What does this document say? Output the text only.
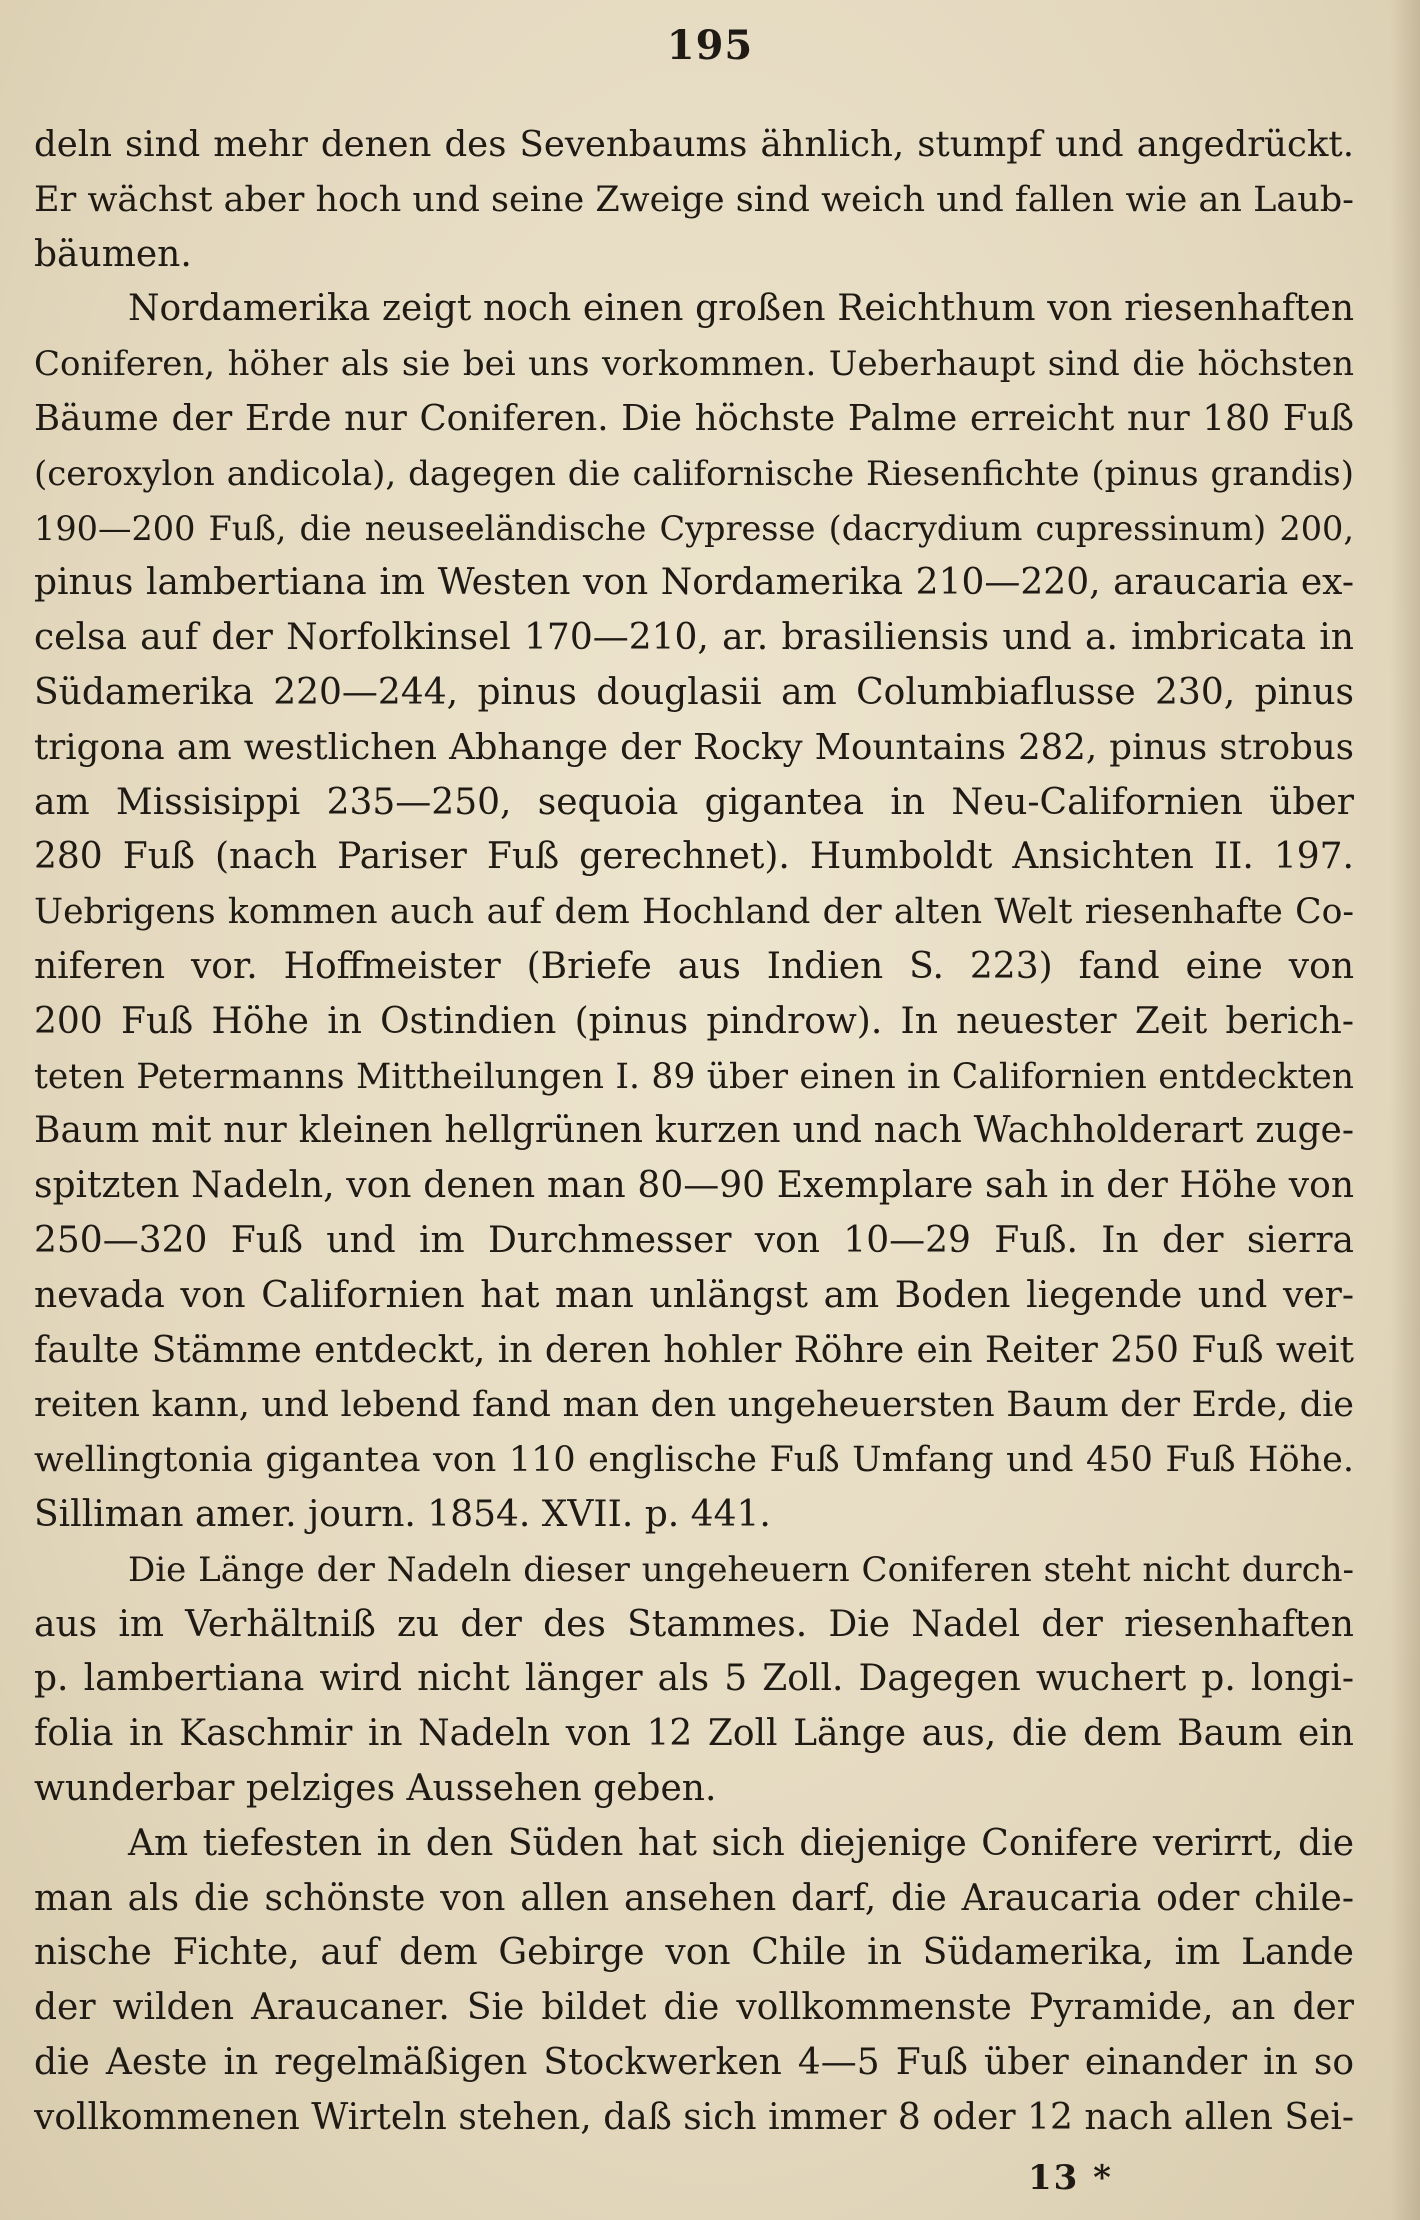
195
deln sind mehr denen des Sevenbaums ähnlich, stumpf und angedrückt.
Er wächst aber hoch und seine Zweige sind weich und fallen wie an Laub-
bäumen.
Nordamerika zeigt noch einen großen Reichthum von riesenhaften
Coniferen, höher als sie bei uns vorkommen. Ueberhaupt sind die höchsten
Bäume der Erde nur Coniferen. Die höchste Palme erreicht nur 180 Fuß
(ceroxylon andicola), dagegen die californische Riesenfichte (pinus grandis)
190—200 Fuß, die neuseeländische Cypresse (dacrydium cupressinum) 200,
pinus lambertiana im Westen von Nordamerika 210—220, araucaria ex-
celsa auf der Norfolkinsel 170—210, ar. brasiliensis und a. imbricata in
Südamerika 220—244, pinus douglasii am Columbiaflusse 230, pinus
trigona am westlichen Abhange der Rocky Mountains 282, pinus strobus
am Missisippi 235—250, sequoia gigantea in Neu-Californien über
280 Fuß (nach Pariser Fuß gerechnet). Humboldt Ansichten II. 197.
Uebrigens kommen auch auf dem Hochland der alten Welt riesenhafte Co-
niferen vor. Hoffmeister (Briefe aus Indien S. 223) fand eine von
200 Fuß Höhe in Ostindien (pinus pindrow). In neuester Zeit berich-
teten Petermanns Mittheilungen I. 89 über einen in Californien entdeckten
Baum mit nur kleinen hellgrünen kurzen und nach Wachholderart zuge-
spitzten Nadeln, von denen man 80—90 Exemplare sah in der Höhe von
250—320 Fuß und im Durchmesser von 10—29 Fuß. In der sierra
nevada von Californien hat man unlängst am Boden liegende und ver-
faulte Stämme entdeckt, in deren hohler Röhre ein Reiter 250 Fuß weit
reiten kann, und lebend fand man den ungeheuersten Baum der Erde, die
wellingtonia gigantea von 110 englische Fuß Umfang und 450 Fuß Höhe.
Silliman amer. journ. 1854. XVII. p. 441.
Die Länge der Nadeln dieser ungeheuern Coniferen steht nicht durch-
aus im Verhältniß zu der des Stammes. Die Nadel der riesenhaften
p. lambertiana wird nicht länger als 5 Zoll. Dagegen wuchert p. longi-
folia in Kaschmir in Nadeln von 12 Zoll Länge aus, die dem Baum ein
wunderbar pelziges Aussehen geben.
Am tiefesten in den Süden hat sich diejenige Conifere verirrt, die
man als die schönste von allen ansehen darf, die Araucaria oder chile-
nische Fichte, auf dem Gebirge von Chile in Südamerika, im Lande
der wilden Araucaner. Sie bildet die vollkommenste Pyramide, an der
die Aeste in regelmäßigen Stockwerken 4—5 Fuß über einander in so
vollkommenen Wirteln stehen, daß sich immer 8 oder 12 nach allen Sei-
13 *
